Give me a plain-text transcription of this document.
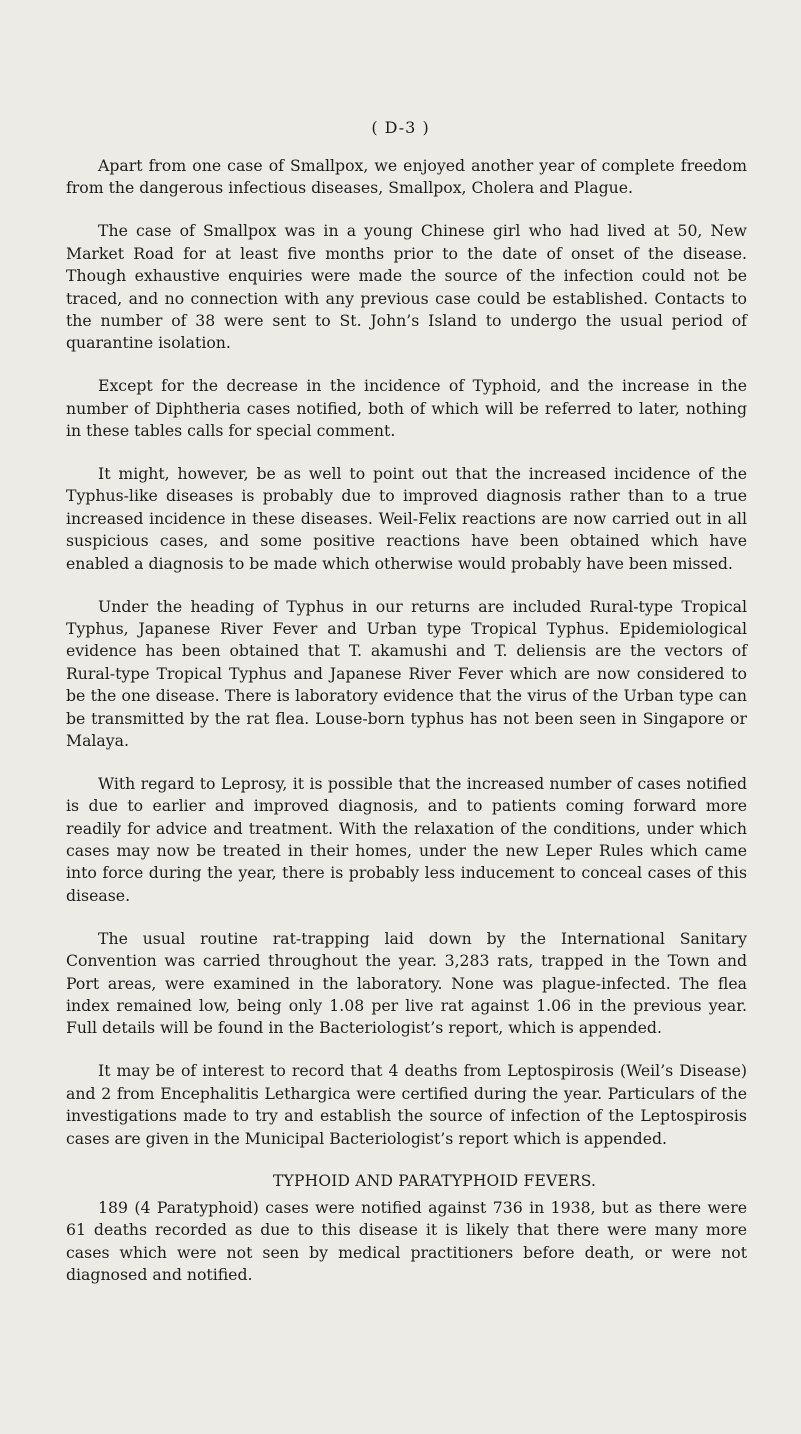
( D-3 )

Apart from one case of Smallpox, we enjoyed another year of complete freedom from the dangerous infectious diseases, Smallpox, Cholera and Plague.

The case of Smallpox was in a young Chinese girl who had lived at 50, New Market Road for at least five months prior to the date of onset of the disease. Though exhaustive enquiries were made the source of the infection could not be traced, and no connection with any previous case could be established. Contacts to the number of 38 were sent to St. John’s Island to undergo the usual period of quarantine isolation.

Except for the decrease in the incidence of Typhoid, and the increase in the number of Diphtheria cases notified, both of which will be referred to later, nothing in these tables calls for special comment.

It might, however, be as well to point out that the increased incidence of the Typhus-like diseases is probably due to improved diagnosis rather than to a true increased incidence in these diseases. Weil-Felix reactions are now carried out in all suspicious cases, and some positive reactions have been obtained which have enabled a diagnosis to be made which otherwise would probably have been missed.

Under the heading of Typhus in our returns are included Rural-type Tropical Typhus, Japanese River Fever and Urban type Tropical Typhus. Epidemiological evidence has been obtained that T. akamushi and T. deliensis are the vectors of Rural-type Tropical Typhus and Japanese River Fever which are now considered to be the one disease. There is laboratory evidence that the virus of the Urban type can be transmitted by the rat flea. Louse-born typhus has not been seen in Singapore or Malaya.

With regard to Leprosy, it is possible that the increased number of cases notified is due to earlier and improved diagnosis, and to patients coming forward more readily for advice and treatment. With the relaxation of the conditions, under which cases may now be treated in their homes, under the new Leper Rules which came into force during the year, there is probably less inducement to conceal cases of this disease.

The usual routine rat-trapping laid down by the International Sanitary Convention was carried throughout the year. 3,283 rats, trapped in the Town and Port areas, were examined in the laboratory. None was plague-infected. The flea index remained low, being only 1.08 per live rat against 1.06 in the previous year. Full details will be found in the Bacteriologist’s report, which is appended.

It may be of interest to record that 4 deaths from Leptospirosis (Weil’s Disease) and 2 from Encephalitis Lethargica were certified during the year. Particulars of the investigations made to try and establish the source of infection of the Leptospirosis cases are given in the Municipal Bacteriologist’s report which is appended.

TYPHOID AND PARATYPHOID FEVERS.

189 (4 Paratyphoid) cases were notified against 736 in 1938, but as there were 61 deaths recorded as due to this disease it is likely that there were many more cases which were not seen by medical practitioners before death, or were not diagnosed and notified.
